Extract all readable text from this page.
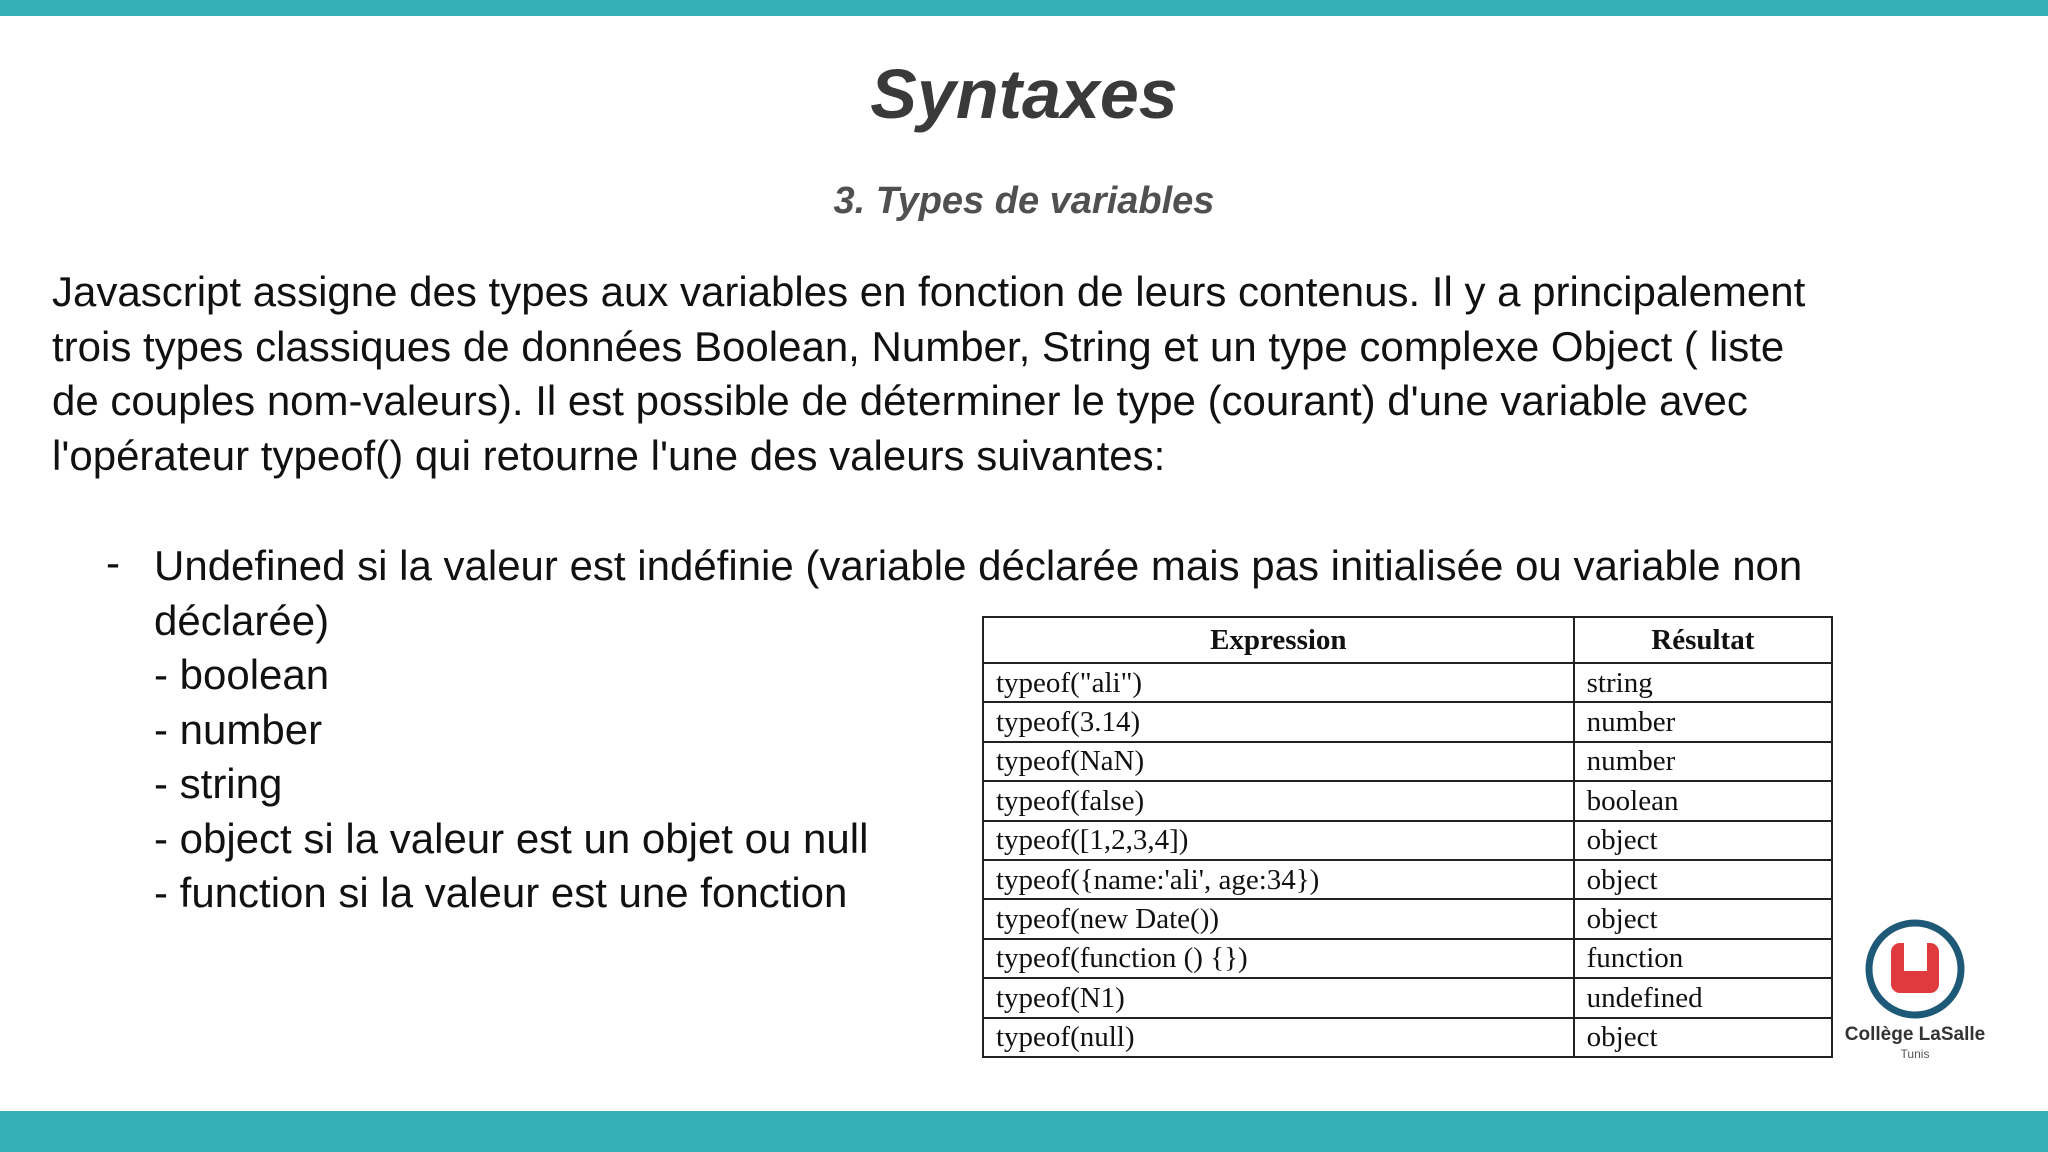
Syntaxes
3. Types de variables
Javascript assigne des types aux variables en fonction de leurs contenus. Il y a principalement
trois types classiques de données Boolean, Number, String et un type complexe Object ( liste
de couples nom-valeurs). Il est possible de déterminer le type (courant) d'une variable avec
l'opérateur typeof() qui retourne l'une des valeurs suivantes:
- Undefined si la valeur est indéfinie (variable déclarée mais pas initialisée ou variable non
déclarée)
- boolean
- number
- string
- object si la valeur est un objet ou null
- function si la valeur est une fonction
Expression	Résultat
typeof("ali")	string
typeof(3.14)	number
typeof(NaN)	number
typeof(false)	boolean
typeof([1,2,3,4])	object
typeof({name:'ali', age:34})	object
typeof(new Date())	object
typeof(function () {})	function
typeof(N1)	undefined
typeof(null)	object	Collège LaSalle
Tunis
